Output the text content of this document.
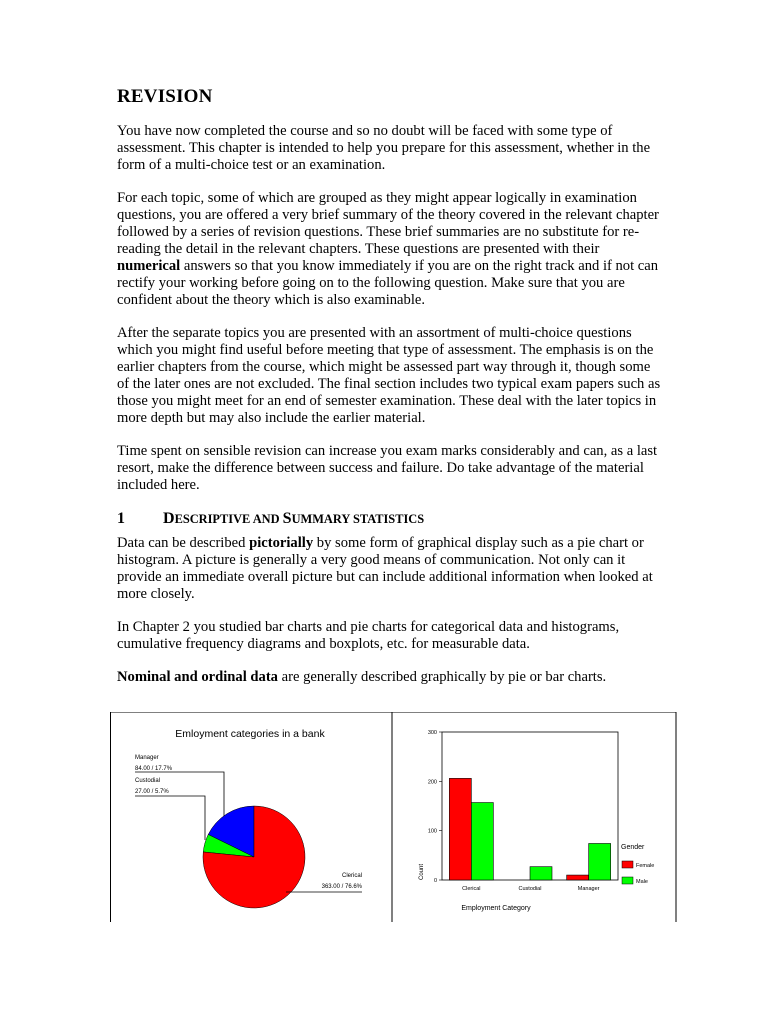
REVISION

You have now completed the course and so no doubt will be faced with some type of assessment. This chapter is intended to help you prepare for this assessment, whether in the form of a multi-choice test or an examination.

For each topic, some of which are grouped as they might appear logically in examination questions, you are offered a very brief summary of the theory covered in the relevant chapter followed by a series of revision questions. These brief summaries are no substitute for re-reading the detail in the relevant chapters. These questions are presented with their numerical answers so that you know immediately if you are on the right track and if not can rectify your working before going on to the following question. Make sure that you are confident about the theory which is also examinable.

After the separate topics you are presented with an assortment of multi-choice questions which you might find useful before meeting that type of assessment. The emphasis is on the earlier chapters from the course, which might be assessed part way through it, though some of the later ones are not excluded. The final section includes two typical exam papers such as those you might meet for an end of semester examination. These deal with the later topics in more depth but may also include the earlier material.

Time spent on sensible revision can increase you exam marks considerably and can, as a last resort, make the difference between success and failure. Do take advantage of the material included here.

1 DESCRIPTIVE AND SUMMARY STATISTICS

Data can be described pictorially by some form of graphical display such as a pie chart or histogram. A picture is generally a very good means of communication. Not only can it provide an immediate overall picture but can include additional information when looked at more closely.

In Chapter 2 you studied bar charts and pie charts for categorical data and histograms, cumulative frequency diagrams and boxplots, etc. for measurable data.

Nominal and ordinal data are generally described graphically by pie or bar charts.

Emloyment categories in a bank
Manager
84.00 / 17.7%
Custodial
27.00 / 5.7%
Clerical
363.00 / 76.6%
0
100
200
300
Clerical	Custodial	Manager
Employment Category
Count
Gender
Female
Male
